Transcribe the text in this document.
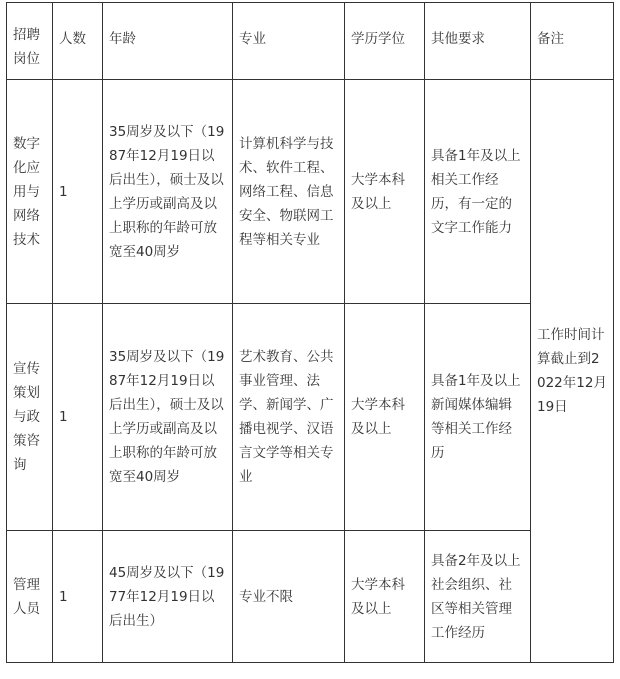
招聘岗位	人数	年龄	专业	学历学位	其他要求	备注
数字化应用与网络技术	1	35周岁及以下（1987年12月19日以后出生），硕士及以上学历或副高及以上职称的年龄可放宽至40周岁	计算机科学与技术、软件工程、网络工程、信息安全、物联网工程等相关专业	大学本科及以上	具备1年及以上相关工作经历，有一定的文字工作能力	工作时间计算截止到2022年12月19日
宣传策划与政策咨询	1	35周岁及以下（1987年12月19日以后出生），硕士及以上学历或副高及以上职称的年龄可放宽至40周岁	艺术教育、公共事业管理、法学、新闻学、广播电视学、汉语言文学等相关专业	大学本科及以上	具备1年及以上新闻媒体编辑等相关工作经历	
管理人员	1	45周岁及以下（1977年12月19日以后出生）	专业不限	大学本科及以上	具备2年及以上社会组织、社区等相关管理工作经历	
